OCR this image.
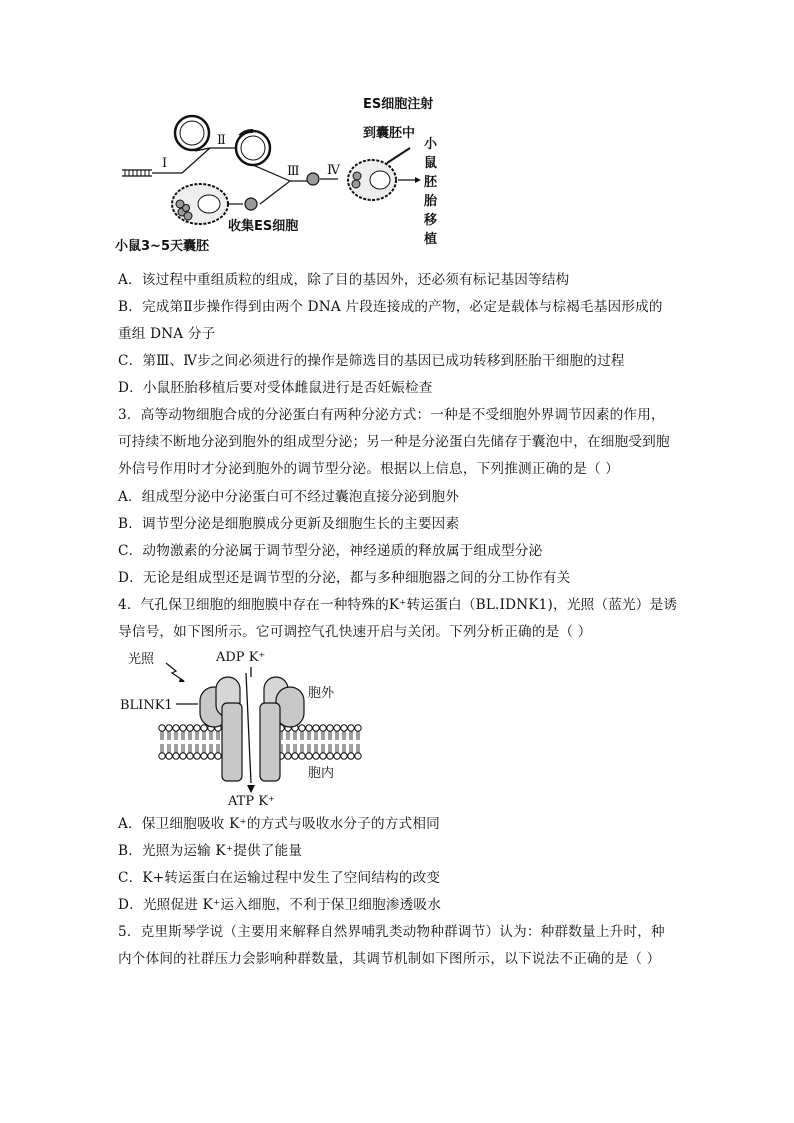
ES细胞注射
到囊胚中
Ⅰ
Ⅱ
Ⅲ
收集ES细胞
小鼠3~5天囊胚
Ⅳ
小
鼠
胚
胎
移
植
A．该过程中重组质粒的组成，除了目的基因外，还必须有标记基因等结构
B．完成第Ⅱ步操作得到由两个 DNA 片段连接成的产物，必定是载体与棕褐毛基因形成的
重组 DNA 分子
C．第Ⅲ、Ⅳ步之间必须进行的操作是筛选目的基因已成功转移到胚胎干细胞的过程
D．小鼠胚胎移植后要对受体雌鼠进行是否妊娠检查
3．高等动物细胞合成的分泌蛋白有两种分泌方式：一种是不受细胞外界调节因素的作用，
可持续不断地分泌到胞外的组成型分泌；另一种是分泌蛋白先储存于囊泡中，在细胞受到胞
外信号作用时才分泌到胞外的调节型分泌。根据以上信息，下列推测正确的是（ ）
A．组成型分泌中分泌蛋白可不经过囊泡直接分泌到胞外
B．调节型分泌是细胞膜成分更新及细胞生长的主要因素
C．动物激素的分泌属于调节型分泌，神经递质的释放属于组成型分泌
D．无论是组成型还是调节型的分泌，都与多种细胞器之间的分工协作有关
4．气孔保卫细胞的细胞膜中存在一种特殊的K⁺转运蛋白（BL.IDNK1)，光照（蓝光）是诱
导信号，如下图所示。它可调控气孔快速开启与关闭。下列分析正确的是（ ）
光照	ADP K⁺
BLINK1
胞外
胞内
ATP K⁺
A．保卫细胞吸收 K⁺的方式与吸收水分子的方式相同
B．光照为运输 K⁺提供了能量
C．K+转运蛋白在运输过程中发生了空间结构的改变
D．光照促进 K⁺运入细胞，不利于保卫细胞渗透吸水
5．克里斯琴学说（主要用来解释自然界哺乳类动物种群调节）认为：种群数量上升时，种
内个体间的社群压力会影响种群数量，其调节机制如下图所示，以下说法不正确的是（ ）
